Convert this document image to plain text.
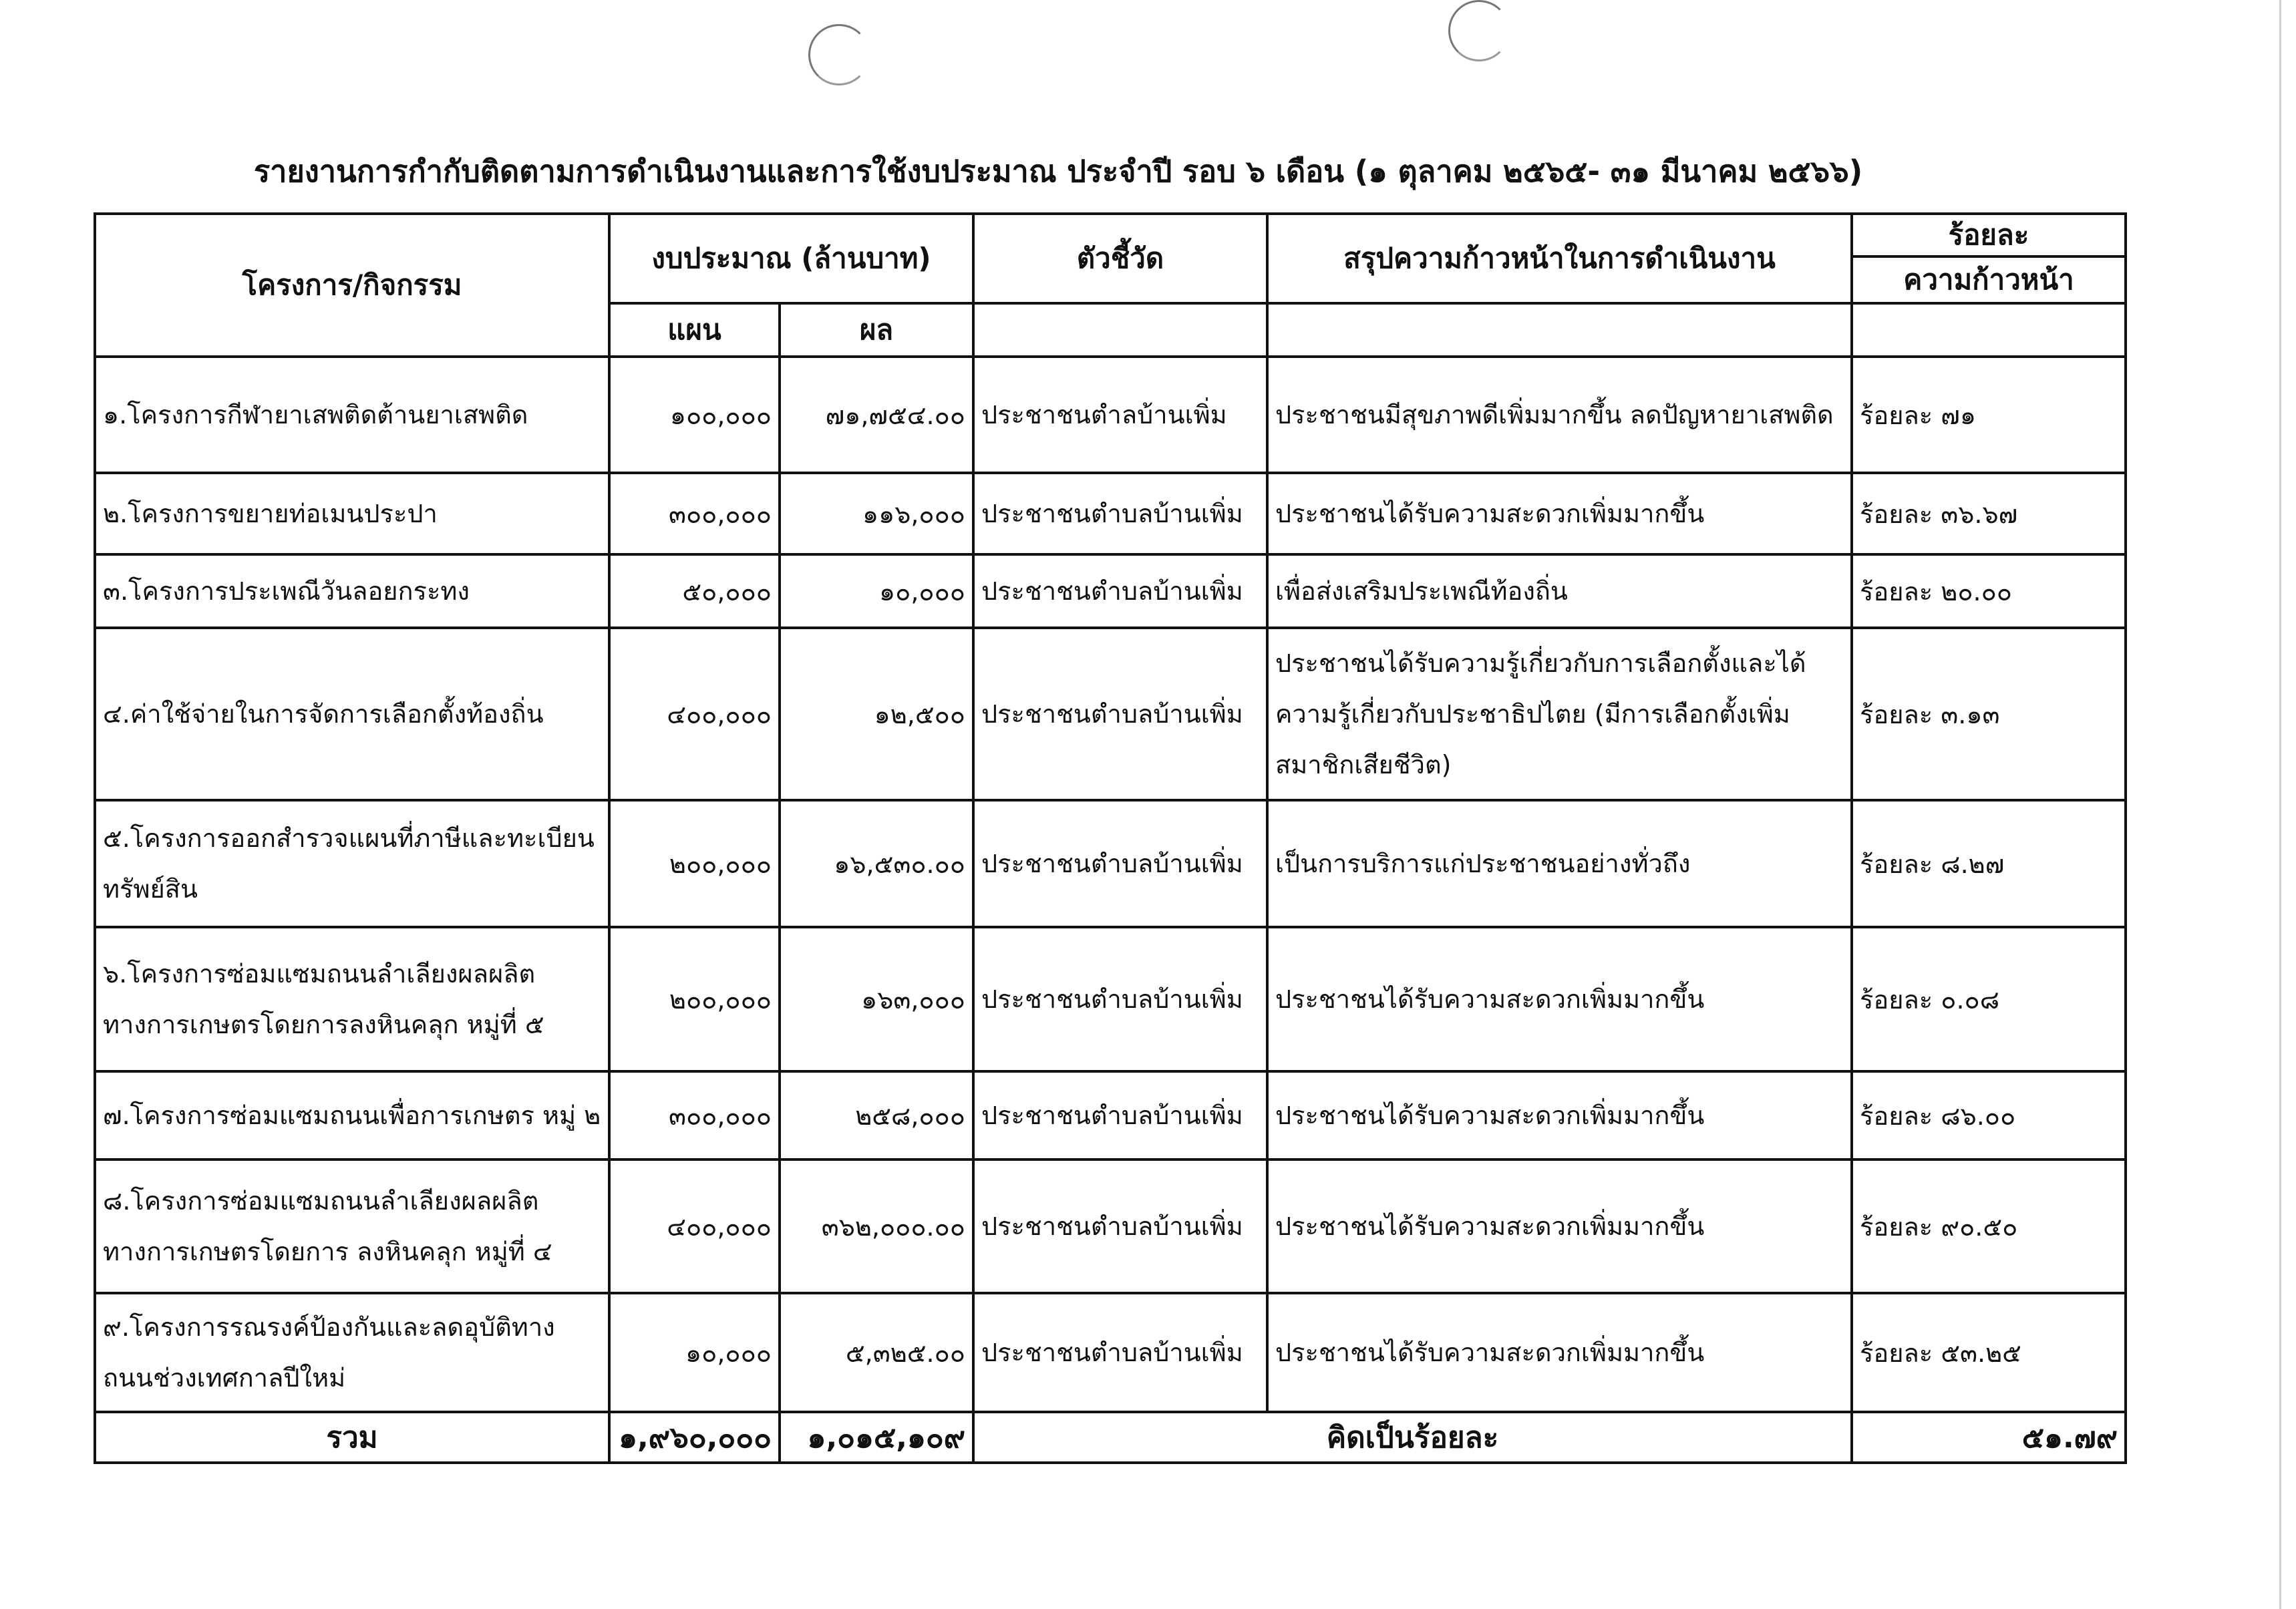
รายงานการกำกับติดตามการดำเนินงานและการใช้งบประมาณ ประจำปี รอบ ๖ เดือน (๑ ตุลาคม ๒๕๖๕- ๓๑ มีนาคม ๒๕๖๖)
โครงการ/กิจกรรม	งบประมาณ (ล้านบาท)		ตัวชี้วัด	สรุปความก้าวหน้าในการดำเนินงาน	ร้อยละ
					ความก้าวหน้า
	แผน	ผล			
๑.โครงการกีฬายาเสพติดต้านยาเสพติด	๑๐๐,๐๐๐	๗๑,๗๕๔.๐๐	ประชาชนตำลบ้านเพิ่ม	ประชาชนมีสุขภาพดีเพิ่มมากขึ้น ลดปัญหายาเสพติด	ร้อยละ ๗๑
๒.โครงการขยายท่อเมนประปา	๓๐๐,๐๐๐	๑๑๖,๐๐๐	ประชาชนตำบลบ้านเพิ่ม	ประชาชนได้รับความสะดวกเพิ่มมากขึ้น	ร้อยละ ๓๖.๖๗
๓.โครงการประเพณีวันลอยกระทง	๕๐,๐๐๐	๑๐,๐๐๐	ประชาชนตำบลบ้านเพิ่ม	เพื่อส่งเสริมประเพณีท้องถิ่น	ร้อยละ ๒๐.๐๐
๔.ค่าใช้จ่ายในการจัดการเลือกตั้งท้องถิ่น	๔๐๐,๐๐๐	๑๒,๕๐๐	ประชาชนตำบลบ้านเพิ่ม	ประชาชนได้รับความรู้เกี่ยวกับการเลือกตั้งและได้ความรู้เกี่ยวกับประชาธิปไตย (มีการเลือกตั้งเพิ่มสมาชิกเสียชีวิต)	ร้อยละ ๓.๑๓
๕.โครงการออกสำรวจแผนที่ภาษีและทะเบียนทรัพย์สิน	๒๐๐,๐๐๐	๑๖,๕๓๐.๐๐	ประชาชนตำบลบ้านเพิ่ม	เป็นการบริการแก่ประชาชนอย่างทั่วถึง	ร้อยละ ๘.๒๗
๖.โครงการซ่อมแซมถนนลำเลียงผลผลิตทางการเกษตรโดยการลงหินคลุก หมู่ที่ ๕	๒๐๐,๐๐๐	๑๖๓,๐๐๐	ประชาชนตำบลบ้านเพิ่ม	ประชาชนได้รับความสะดวกเพิ่มมากขึ้น	ร้อยละ ๐.๐๘
๗.โครงการซ่อมแซมถนนเพื่อการเกษตร หมู่ ๒	๓๐๐,๐๐๐	๒๕๘,๐๐๐	ประชาชนตำบลบ้านเพิ่ม	ประชาชนได้รับความสะดวกเพิ่มมากขึ้น	ร้อยละ ๘๖.๐๐
๘.โครงการซ่อมแซมถนนลำเลียงผลผลิตทางการเกษตรโดยการ ลงหินคลุก หมู่ที่ ๔	๔๐๐,๐๐๐	๓๖๒,๐๐๐.๐๐	ประชาชนตำบลบ้านเพิ่ม	ประชาชนได้รับความสะดวกเพิ่มมากขึ้น	ร้อยละ ๙๐.๕๐
๙.โครงการรณรงค์ป้องกันและลดอุบัติทางถนนช่วงเทศกาลปีใหม่	๑๐,๐๐๐	๕,๓๒๕.๐๐	ประชาชนตำบลบ้านเพิ่ม	ประชาชนได้รับความสะดวกเพิ่มมากขึ้น	ร้อยละ ๕๓.๒๕
รวม	๑,๙๖๐,๐๐๐	๑,๐๑๕,๑๐๙	คิดเป็นร้อยละ		๕๑.๗๙
